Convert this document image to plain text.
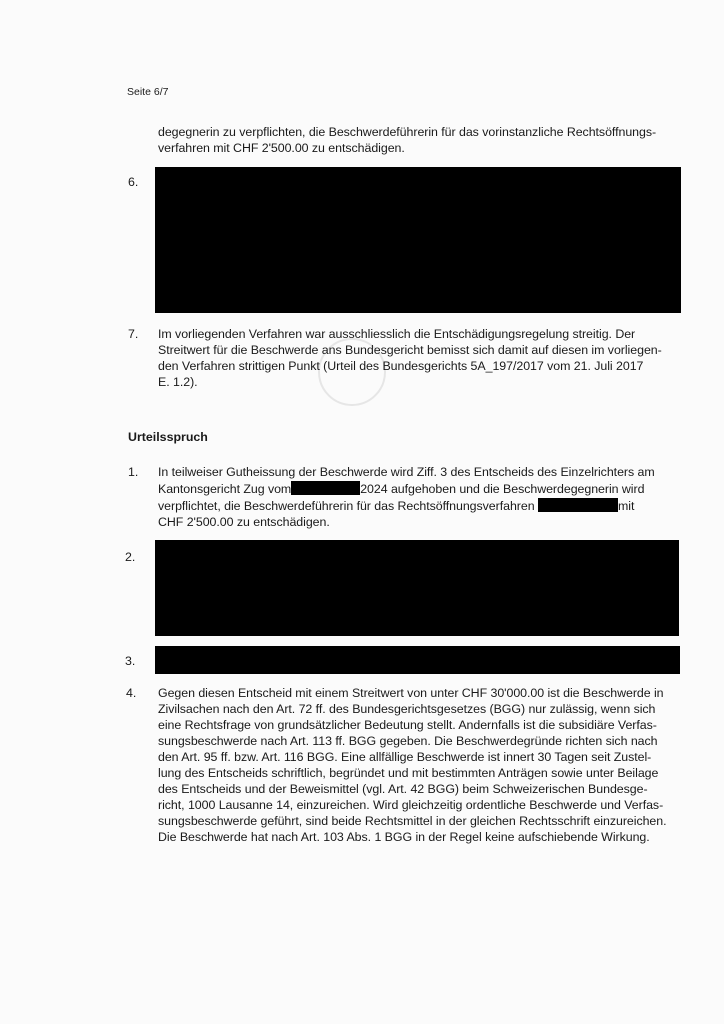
Seite 6/7
degegnerin zu verpflichten, die Beschwerdeführerin für das vorinstanzliche Rechtsöffnungs-
verfahren mit CHF 2'500.00 zu entschädigen.
6.
7. Im vorliegenden Verfahren war ausschliesslich die Entschädigungsregelung streitig. Der
Streitwert für die Beschwerde ans Bundesgericht bemisst sich damit auf diesen im vorliegen-
den Verfahren strittigen Punkt (Urteil des Bundesgerichts 5A_197/2017 vom 21. Juli 2017
E. 1.2).
Urteilsspruch
1. In teilweiser Gutheissung der Beschwerde wird Ziff. 3 des Entscheids des Einzelrichters am
Kantonsgericht Zug vom	2024 aufgehoben und die Beschwerdegegnerin wird
verpflichtet, die Beschwerdeführerin für das Rechtsöffnungsverfahren	mit
CHF 2'500.00 zu entschädigen.
2.
3.
4. Gegen diesen Entscheid mit einem Streitwert von unter CHF 30'000.00 ist die Beschwerde in
Zivilsachen nach den Art. 72 ff. des Bundesgerichtsgesetzes (BGG) nur zulässig, wenn sich
eine Rechtsfrage von grundsätzlicher Bedeutung stellt. Andernfalls ist die subsidiäre Verfas-
sungsbeschwerde nach Art. 113 ff. BGG gegeben. Die Beschwerdegründe richten sich nach
den Art. 95 ff. bzw. Art. 116 BGG. Eine allfällige Beschwerde ist innert 30 Tagen seit Zustel-
lung des Entscheids schriftlich, begründet und mit bestimmten Anträgen sowie unter Beilage
des Entscheids und der Beweismittel (vgl. Art. 42 BGG) beim Schweizerischen Bundesge-
richt, 1000 Lausanne 14, einzureichen. Wird gleichzeitig ordentliche Beschwerde und Verfas-
sungsbeschwerde geführt, sind beide Rechtsmittel in der gleichen Rechtsschrift einzureichen.
Die Beschwerde hat nach Art. 103 Abs. 1 BGG in der Regel keine aufschiebende Wirkung.
